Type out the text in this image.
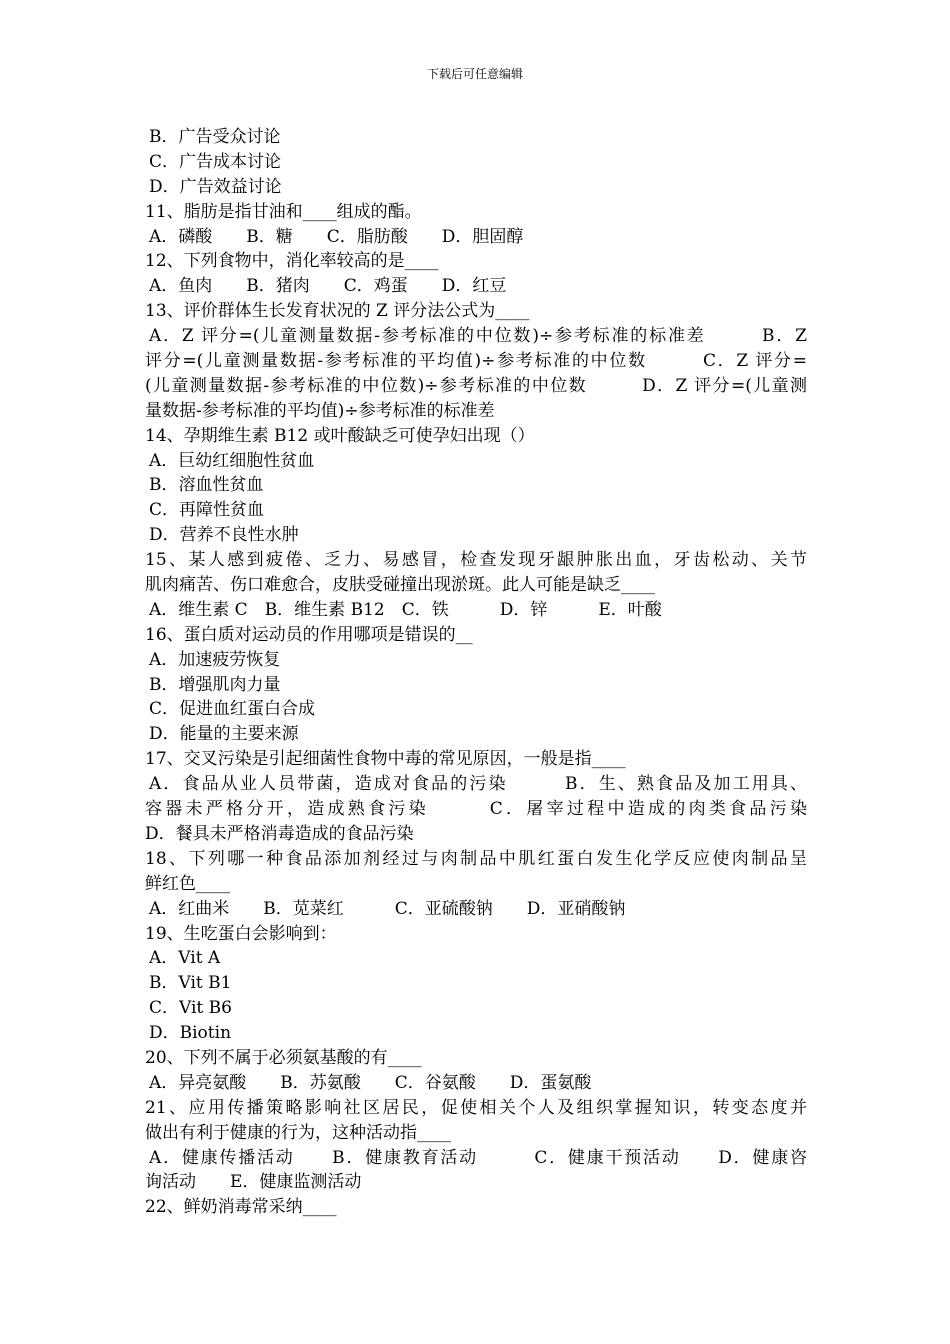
下载后可任意编辑
B．广告受众讨论
C．广告成本讨论
D．广告效益讨论
11、脂肪是指甘油和____组成的酯。
A．磷酸　　B．糖　　C．脂肪酸　　D．胆固醇
12、下列食物中，消化率较高的是____
A．鱼肉　　B．猪肉　　C．鸡蛋　　D．红豆
13、评价群体生长发育状况的 Z 评分法公式为____
A．Z 评分=(儿童测量数据-参考标准的中位数)÷参考标准的标准差　　　B．Z
评分=(儿童测量数据-参考标准的平均值)÷参考标准的中位数　　　C．Z 评分=
(儿童测量数据-参考标准的中位数)÷参考标准的中位数　　　D．Z 评分=(儿童测
量数据-参考标准的平均值)÷参考标准的标准差
14、孕期维生素 B12 或叶酸缺乏可使孕妇出现（）
A．巨幼红细胞性贫血
B．溶血性贫血
C．再障性贫血
D．营养不良性水肿
15、某人感到疲倦、乏力、易感冒，检查发现牙龈肿胀出血，牙齿松动、关节
肌肉痛苦、伤口难愈合，皮肤受碰撞出现淤斑。此人可能是缺乏____
A．维生素 C　B．维生素 B12　C．铁　　　D．锌　　　E．叶酸
16、蛋白质对运动员的作用哪项是错误的__
A．加速疲劳恢复
B．增强肌肉力量
C．促进血红蛋白合成
D．能量的主要来源
17、交叉污染是引起细菌性食物中毒的常见原因，一般是指____
A．食品从业人员带菌，造成对食品的污染　　　B．生、熟食品及加工用具、
容器未严格分开，造成熟食污染　　　C．屠宰过程中造成的肉类食品污染
D．餐具未严格消毒造成的食品污染
18、下列哪一种食品添加剂经过与肉制品中肌红蛋白发生化学反应使肉制品呈
鲜红色____
A．红曲米　　B．苋菜红　　　C．亚硫酸钠　　D．亚硝酸钠
19、生吃蛋白会影响到：
A．Vit A
B．Vit B1
C．Vit B6
D．Biotin
20、下列不属于必须氨基酸的有____
A．异亮氨酸　　B．苏氨酸　　C．谷氨酸　　D．蛋氨酸
21、应用传播策略影响社区居民，促使相关个人及组织掌握知识，转变态度并
做出有利于健康的行为，这种活动指____
A．健康传播活动　　B．健康教育活动　　　C．健康干预活动　　D．健康咨
询活动　　E．健康监测活动
22、鲜奶消毒常采纳____
